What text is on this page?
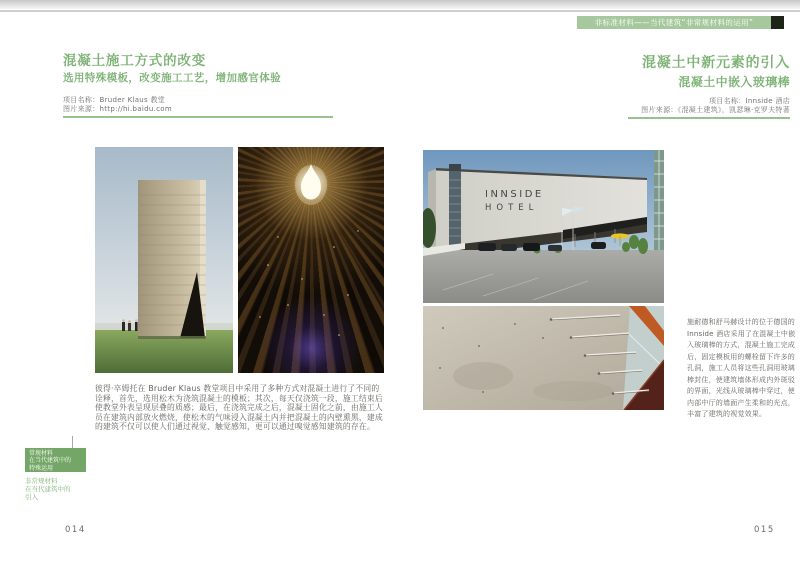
非标准材料——当代建筑“非常规材料的运用”
混凝土施工方式的改变
选用特殊模板，改变施工工艺，增加感官体验
项目名称：Bruder Klaus 教堂
图片来源：http://hi.baidu.com
彼得·卒姆托在 Bruder Klaus 教堂项目中采用了多种方式对混凝土进行了不同的
诠释，首先，选用松木为浇筑混凝土的模板；其次，每天仅浇筑一段，施工结束后
使教堂外表呈现层叠的质感；最后，在浇筑完成之后，混凝土固化之前，由施工人
员在建筑内部放火燃烧，使松木的气味浸入混凝土内并把混凝土的内壁熏黑，建成
的建筑不仅可以使人们通过视觉、触觉感知，更可以通过嗅觉感知建筑的存在。
混凝土中新元素的引入
混凝土中嵌入玻璃棒
项目名称：Innside 酒店
图片来源：《混凝土建筑》，凯瑟琳·克罗夫特著
INNSIDE
HOTEL
施耐德和舒马赫设计的位于德国的
Innside 酒店采用了在混凝土中嵌
入玻璃棒的方式，混凝土施工完成
后，固定模板用的螺栓留下许多的
孔洞，施工人员将这些孔洞用玻璃
棒封住，使建筑墙体形成内外斑驳
的界面，光线从玻璃棒中穿过，使
内部中厅的墙面产生柔和的光点，
丰富了建筑的视觉效果。
常规材料
在当代建筑中的
特殊运用
非常规材料
在当代建筑中的
引入
014	015
